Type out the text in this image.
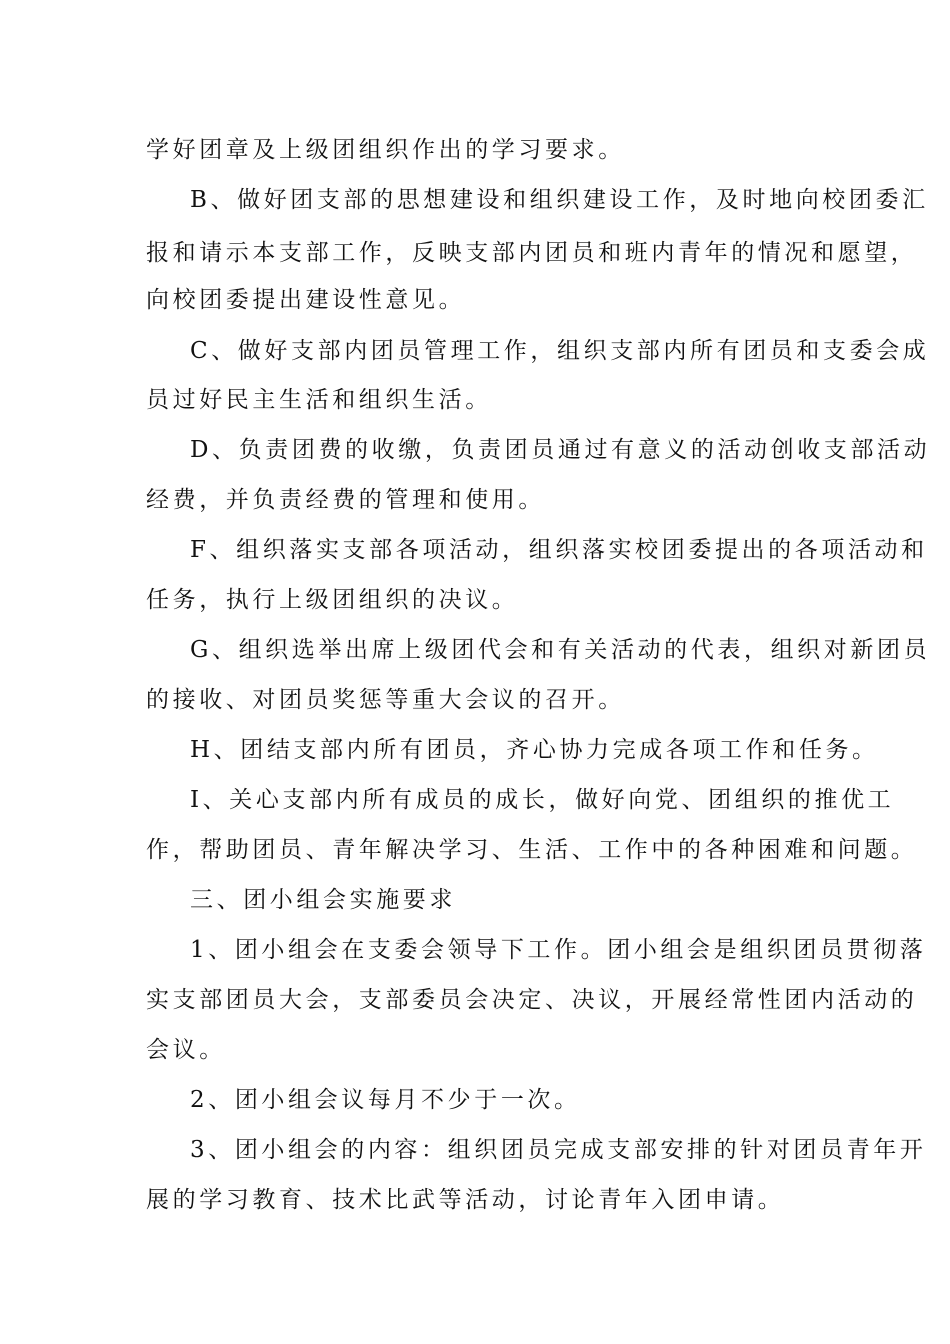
学好团章及上级团组织作出的学习要求。
B、做好团支部的思想建设和组织建设工作，及时地向校团委汇
报和请示本支部工作，反映支部内团员和班内青年的情况和愿望，
向校团委提出建设性意见。
C、做好支部内团员管理工作，组织支部内所有团员和支委会成
员过好民主生活和组织生活。
D、负责团费的收缴，负责团员通过有意义的活动创收支部活动
经费，并负责经费的管理和使用。
F、组织落实支部各项活动，组织落实校团委提出的各项活动和
任务，执行上级团组织的决议。
G、组织选举出席上级团代会和有关活动的代表，组织对新团员
的接收、对团员奖惩等重大会议的召开。
H、团结支部内所有团员，齐心协力完成各项工作和任务。
I、关心支部内所有成员的成长，做好向党、团组织的推优工
作，帮助团员、青年解决学习、生活、工作中的各种困难和问题。
三、团小组会实施要求
1、团小组会在支委会领导下工作。团小组会是组织团员贯彻落
实支部团员大会，支部委员会决定、决议，开展经常性团内活动的
会议。
2、团小组会议每月不少于一次。
3、团小组会的内容：组织团员完成支部安排的针对团员青年开
展的学习教育、技术比武等活动，讨论青年入团申请。
